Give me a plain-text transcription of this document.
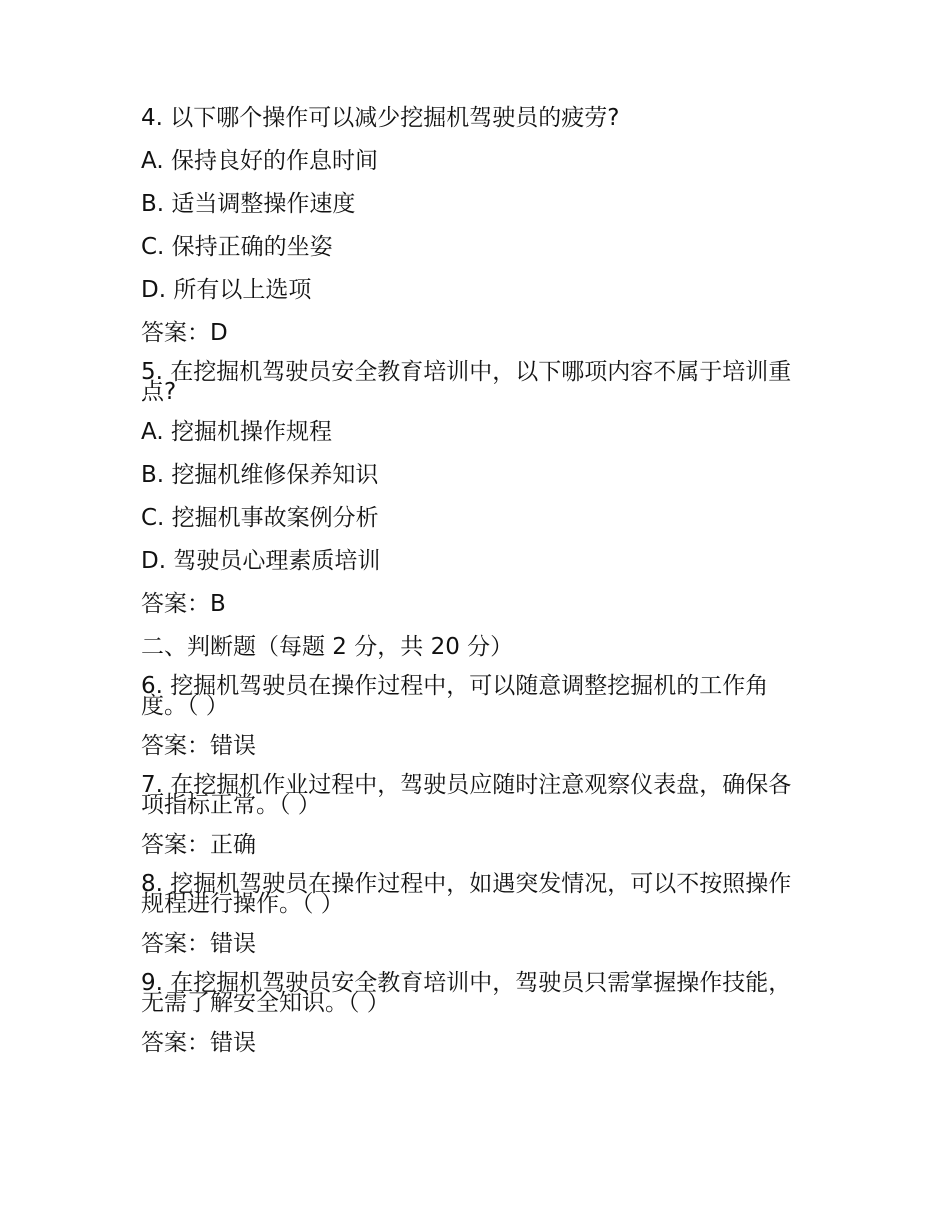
4. 以下哪个操作可以减少挖掘机驾驶员的疲劳?
A. 保持良好的作息时间
B. 适当调整操作速度
C. 保持正确的坐姿
D. 所有以上选项
答案：D
5. 在挖掘机驾驶员安全教育培训中，以下哪项内容不属于培训重点?
A. 挖掘机操作规程
B. 挖掘机维修保养知识
C. 挖掘机事故案例分析
D. 驾驶员心理素质培训
答案：B
二、判断题（每题 2 分，共 20 分）
6. 挖掘机驾驶员在操作过程中，可以随意调整挖掘机的工作角度。（ ）
答案：错误
7. 在挖掘机作业过程中，驾驶员应随时注意观察仪表盘，确保各项指标正常。（ ）
答案：正确
8. 挖掘机驾驶员在操作过程中，如遇突发情况，可以不按照操作规程进行操作。（ ）
答案：错误
9. 在挖掘机驾驶员安全教育培训中，驾驶员只需掌握操作技能，无需了解安全知识。（ ）
答案：错误
